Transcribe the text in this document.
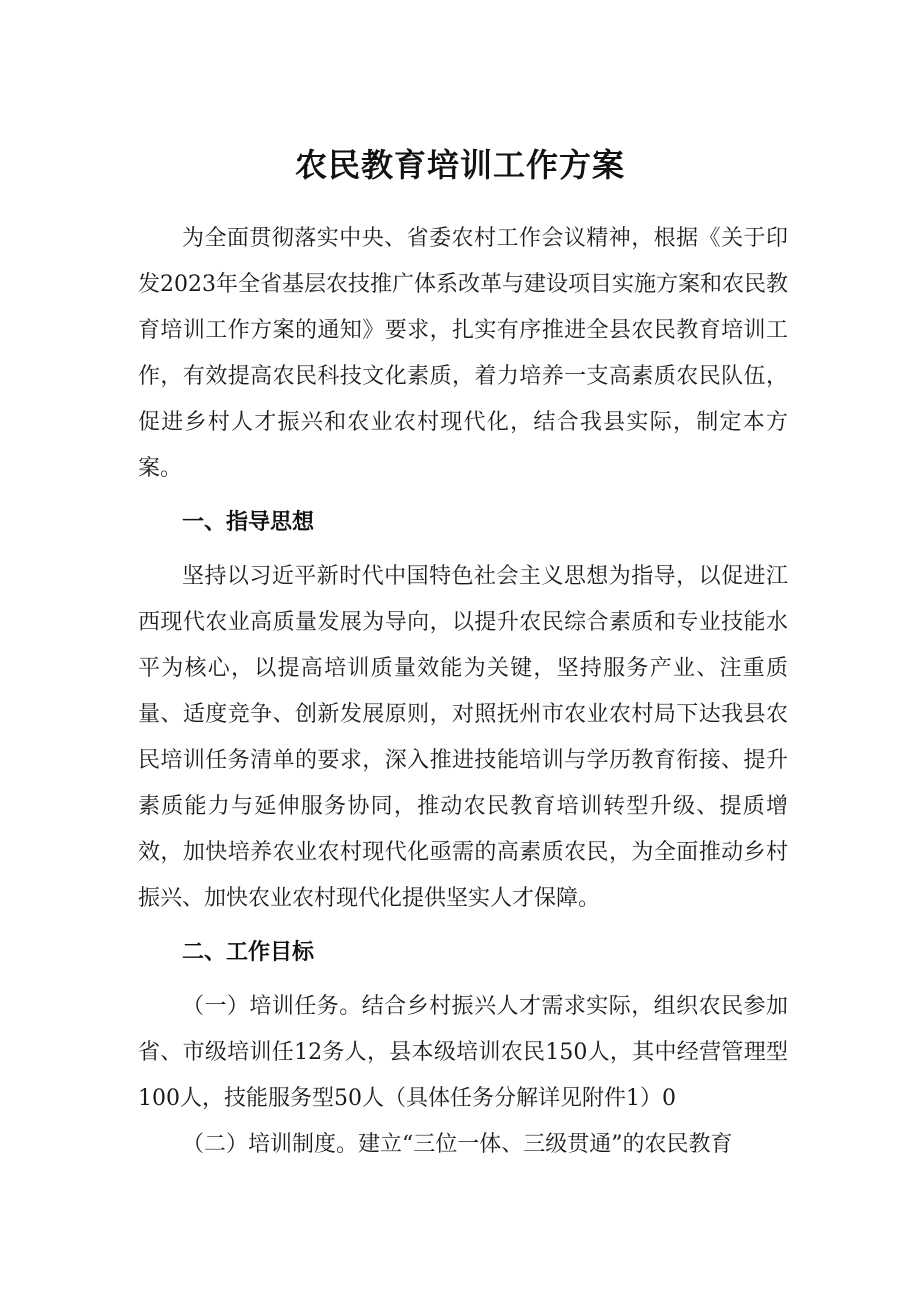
农民教育培训工作方案

为全面贯彻落实中央、省委农村工作会议精神，根据《关于印发2023年全省基层农技推广体系改革与建设项目实施方案和农民教育培训工作方案的通知》要求，扎实有序推进全县农民教育培训工作，有效提高农民科技文化素质，着力培养一支高素质农民队伍，促进乡村人才振兴和农业农村现代化，结合我县实际，制定本方案。

一、指导思想

坚持以习近平新时代中国特色社会主义思想为指导，以促进江西现代农业高质量发展为导向，以提升农民综合素质和专业技能水平为核心，以提高培训质量效能为关键，坚持服务产业、注重质量、适度竞争、创新发展原则，对照抚州市农业农村局下达我县农民培训任务清单的要求，深入推进技能培训与学历教育衔接、提升素质能力与延伸服务协同，推动农民教育培训转型升级、提质增效，加快培养农业农村现代化亟需的高素质农民，为全面推动乡村振兴、加快农业农村现代化提供坚实人才保障。

二、工作目标

（一）培训任务。结合乡村振兴人才需求实际，组织农民参加省、市级培训任12务人，县本级培训农民150人，其中经营管理型100人，技能服务型50人（具体任务分解详见附件1）0

（二）培训制度。建立“三位一体、三级贯通”的农民教育
